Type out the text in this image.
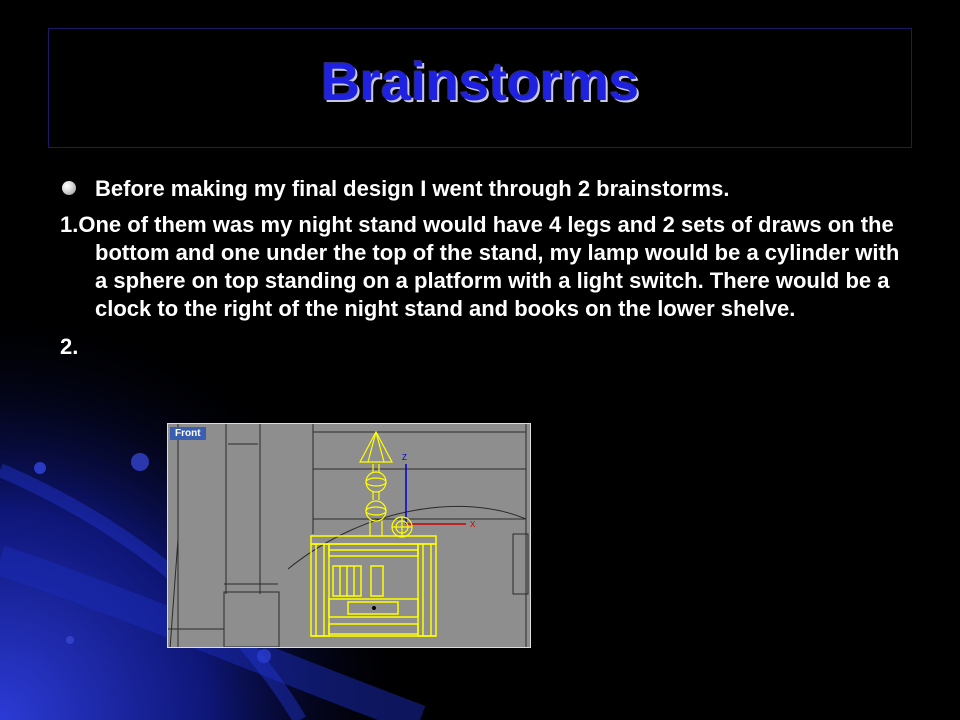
Brainstorms
Before making my final design I went through 2 brainstorms.
1.One of them was my night stand would have 4 legs and 2 sets of draws on the bottom and one under the top of the stand, my lamp would be a cylinder with a sphere on top standing on a platform with a light switch. There would be a clock to the right of the night stand and books on the lower shelve.
2.
Z
X
Front
